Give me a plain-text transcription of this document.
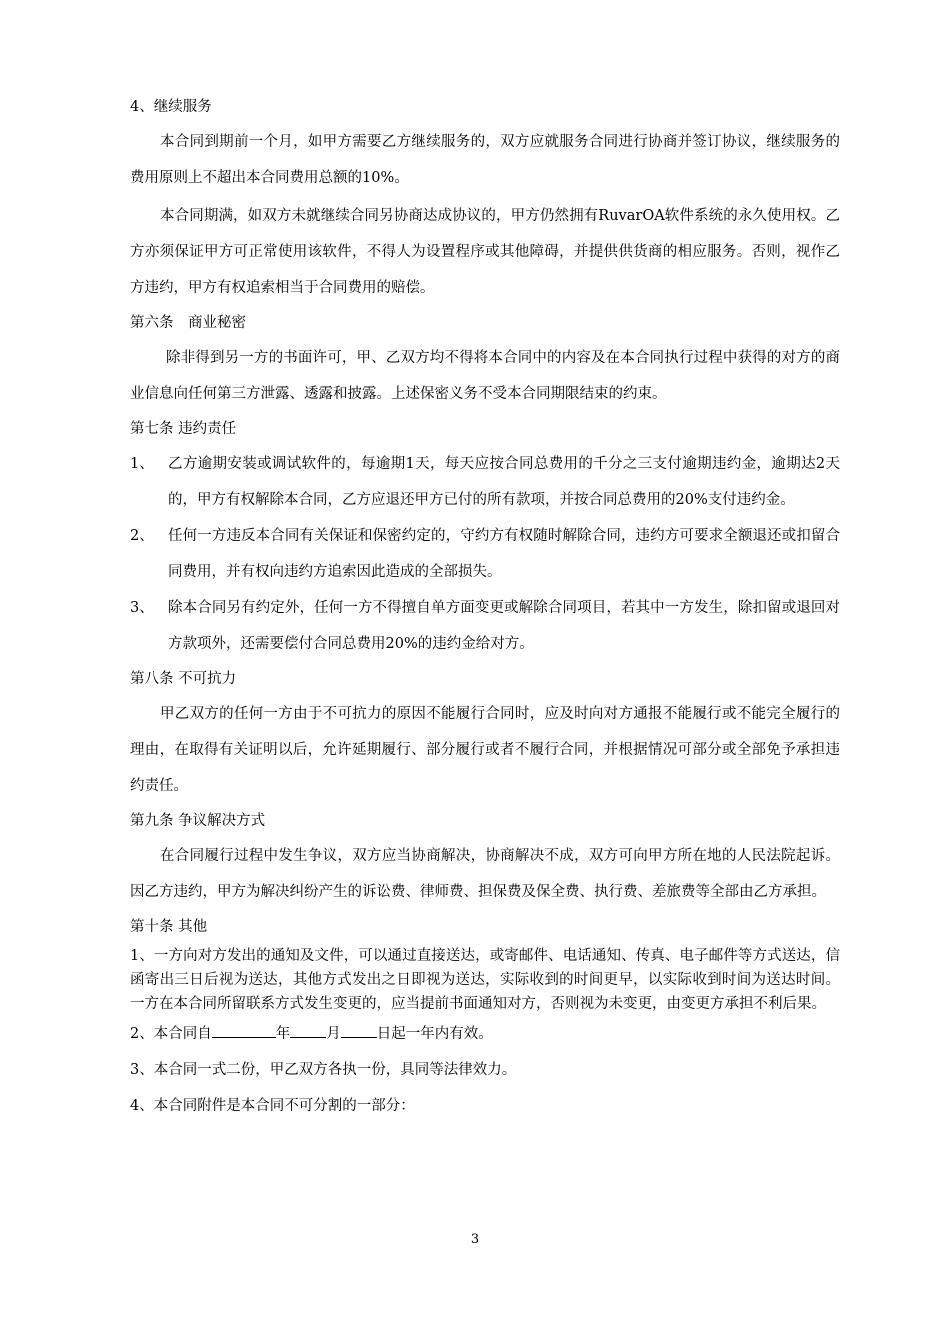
4、继续服务

本合同到期前一个月，如甲方需要乙方继续服务的，双方应就服务合同进行协商并签订协议，继续服务的费用原则上不超出本合同费用总额的10%。

本合同期满，如双方未就继续合同另协商达成协议的，甲方仍然拥有RuvarOA软件系统的永久使用权。乙方亦须保证甲方可正常使用该软件，不得人为设置程序或其他障碍，并提供供货商的相应服务。否则，视作乙方违约，甲方有权追索相当于合同费用的赔偿。

第六条　商业秘密

除非得到另一方的书面许可，甲、乙双方均不得将本合同中的内容及在本合同执行过程中获得的对方的商业信息向任何第三方泄露、透露和披露。上述保密义务不受本合同期限结束的约束。

第七条 违约责任

1、 乙方逾期安装或调试软件的，每逾期1天，每天应按合同总费用的千分之三支付逾期违约金，逾期达2天的，甲方有权解除本合同，乙方应退还甲方已付的所有款项，并按合同总费用的20%支付违约金。
2、 任何一方违反本合同有关保证和保密约定的，守约方有权随时解除合同，违约方可要求全额退还或扣留合同费用，并有权向违约方追索因此造成的全部损失。
3、 除本合同另有约定外，任何一方不得擅自单方面变更或解除合同项目，若其中一方发生，除扣留或退回对方款项外，还需要偿付合同总费用20%的违约金给对方。

第八条 不可抗力

甲乙双方的任何一方由于不可抗力的原因不能履行合同时，应及时向对方通报不能履行或不能完全履行的理由，在取得有关证明以后，允许延期履行、部分履行或者不履行合同，并根据情况可部分或全部免予承担违约责任。

第九条 争议解决方式

在合同履行过程中发生争议，双方应当协商解决，协商解决不成，双方可向甲方所在地的人民法院起诉。因乙方违约，甲方为解决纠纷产生的诉讼费、律师费、担保费及保全费、执行费、差旅费等全部由乙方承担。

第十条 其他

1、一方向对方发出的通知及文件，可以通过直接送达，或寄邮件、电话通知、传真、电子邮件等方式送达，信函寄出三日后视为送达，其他方式发出之日即视为送达，实际收到的时间更早，以实际收到时间为送达时间。一方在本合同所留联系方式发生变更的，应当提前书面通知对方，否则视为未变更，由变更方承担不利后果。

2、本合同自	年 月 日起一年内有效。

3、本合同一式二份，甲乙双方各执一份，具同等法律效力。

4、本合同附件是本合同不可分割的一部分：

3
